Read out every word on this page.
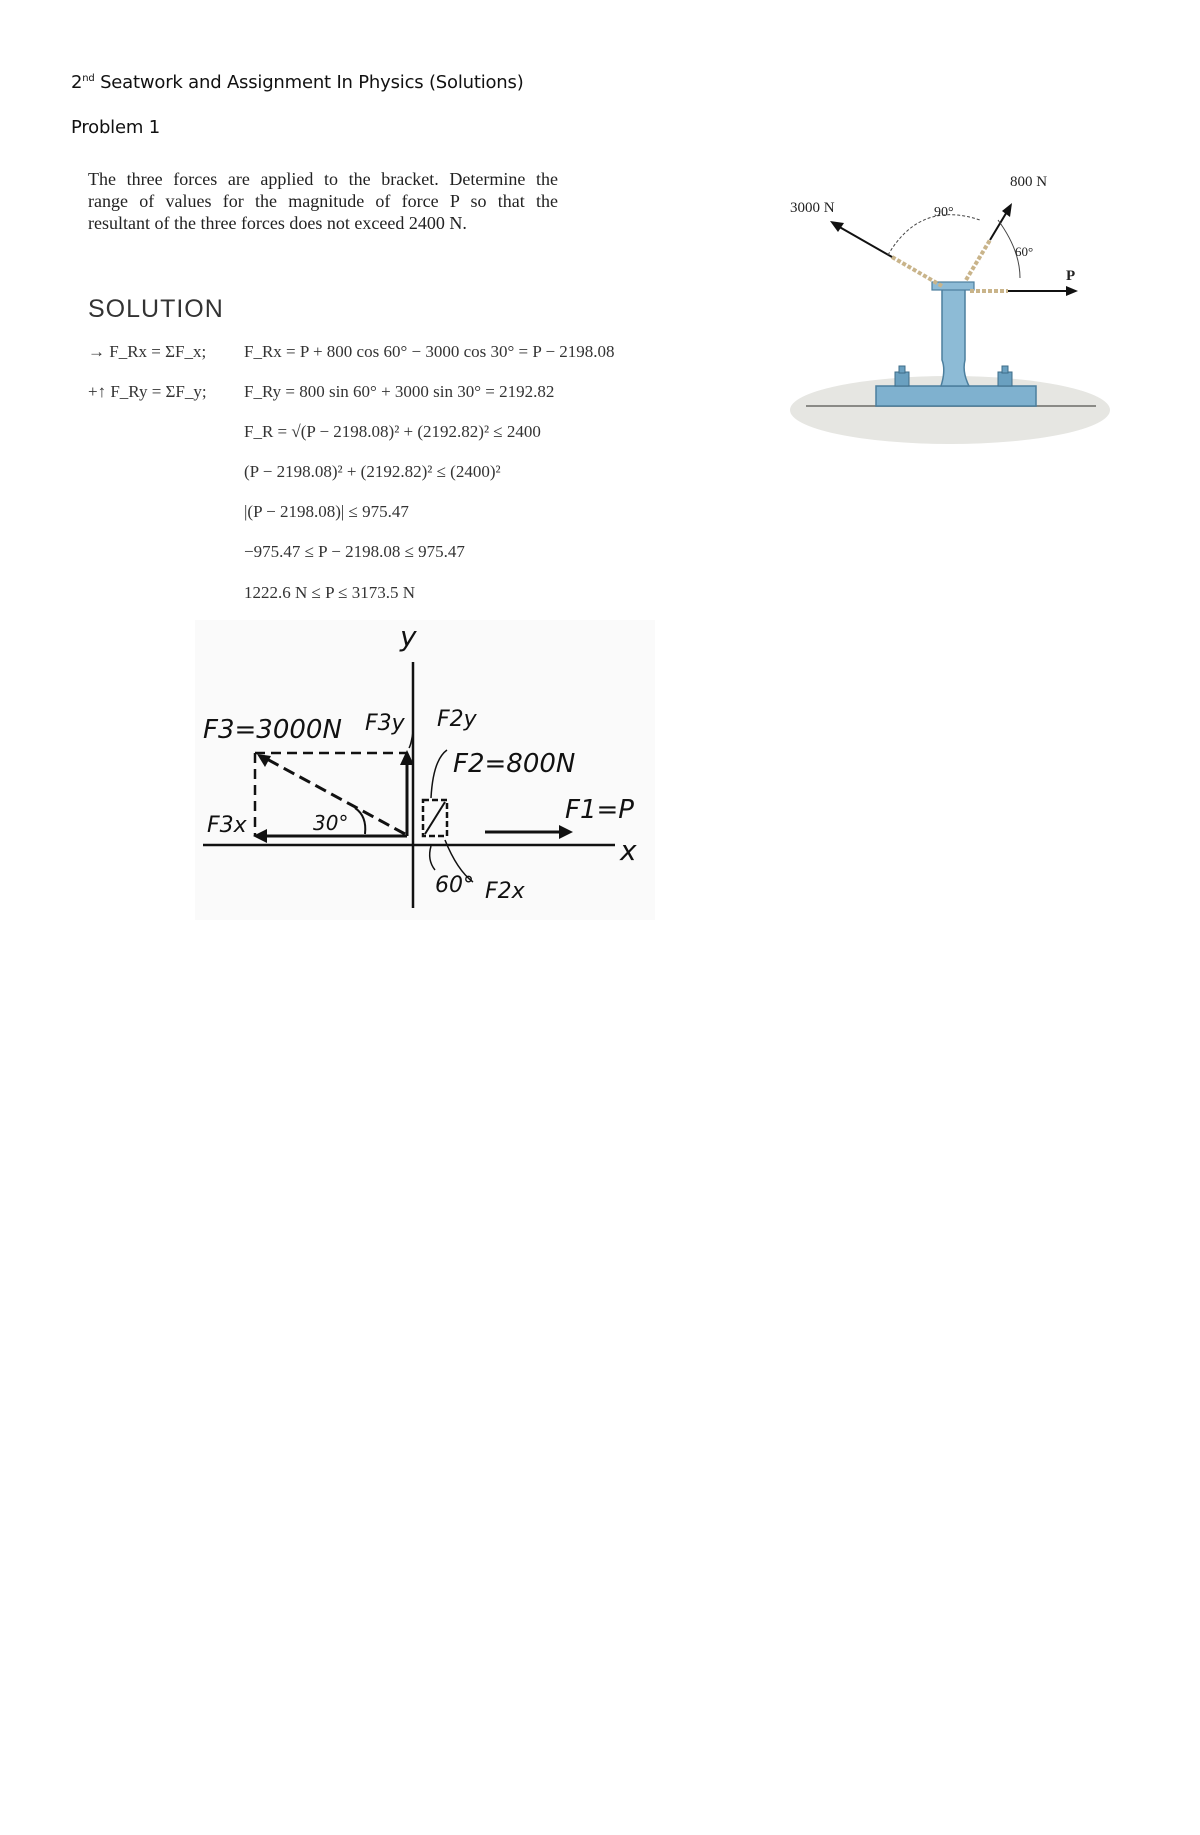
2nd Seatwork and Assignment In Physics (Solutions)
Problem 1
The three forces are applied to the bracket. Determine the
range of values for the magnitude of force P so that the
resultant of the three forces does not exceed 2400 N.
SOLUTION
→ F_Rx = ΣF_x;
+↑ F_Ry = ΣF_y;
F_Rx = P + 800 cos 60° − 3000 cos 30° = P − 2198.08
F_Ry = 800 sin 60° + 3000 sin 30° = 2192.82
F_R = √(P − 2198.08)² + (2192.82)² ≤ 2400
(P − 2198.08)² + (2192.82)² ≤ (2400)²
|(P − 2198.08)| ≤ 975.47
−975.47 ≤ P − 2198.08 ≤ 975.47
1222.6 N ≤ P ≤ 3173.5 N
3000 N
800 N
90°
60°
P
y
x
F3=3000N F3y F2y
F2=800N
F1=P
F3x	30°
60° F2x
